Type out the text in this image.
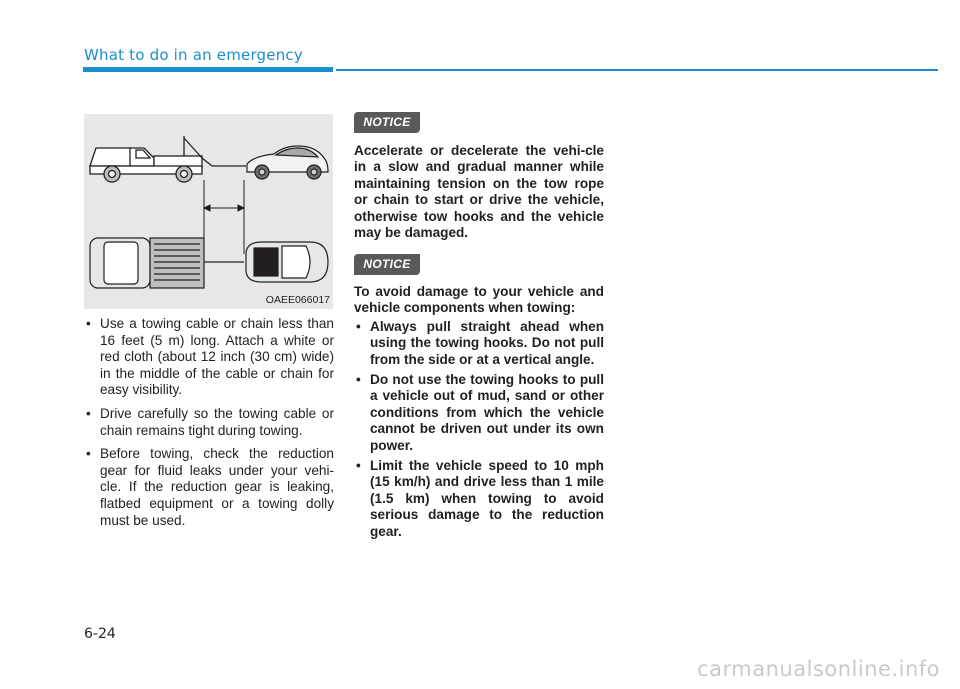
What to do in an emergency
OAEE066017
• Use a towing cable or chain less than 16 feet (5 m) long. Attach a white or red cloth (about 12 inch (30 cm) wide) in the middle of the cable or chain for easy visibility.
• Drive carefully so the towing cable or chain remains tight during towing.
• Before towing, check the reduction gear for fluid leaks under your vehi-cle. If the reduction gear is leaking, flatbed equipment or a towing dolly must be used.
NOTICE

Accelerate or decelerate the vehi-cle in a slow and gradual manner while maintaining tension on the tow rope or chain to start or drive the vehicle, otherwise tow hooks and the vehicle may be damaged.

NOTICE

To avoid damage to your vehicle and vehicle components when towing:

• Always pull straight ahead when using the towing hooks. Do not pull from the side or at a vertical angle.
• Do not use the towing hooks to pull a vehicle out of mud, sand or other conditions from which the vehicle cannot be driven out under its own power.
• Limit the vehicle speed to 10 mph (15 km/h) and drive less than 1 mile (1.5 km) when towing to avoid serious damage to the reduction gear.
6-24
carmanualsonline.info
